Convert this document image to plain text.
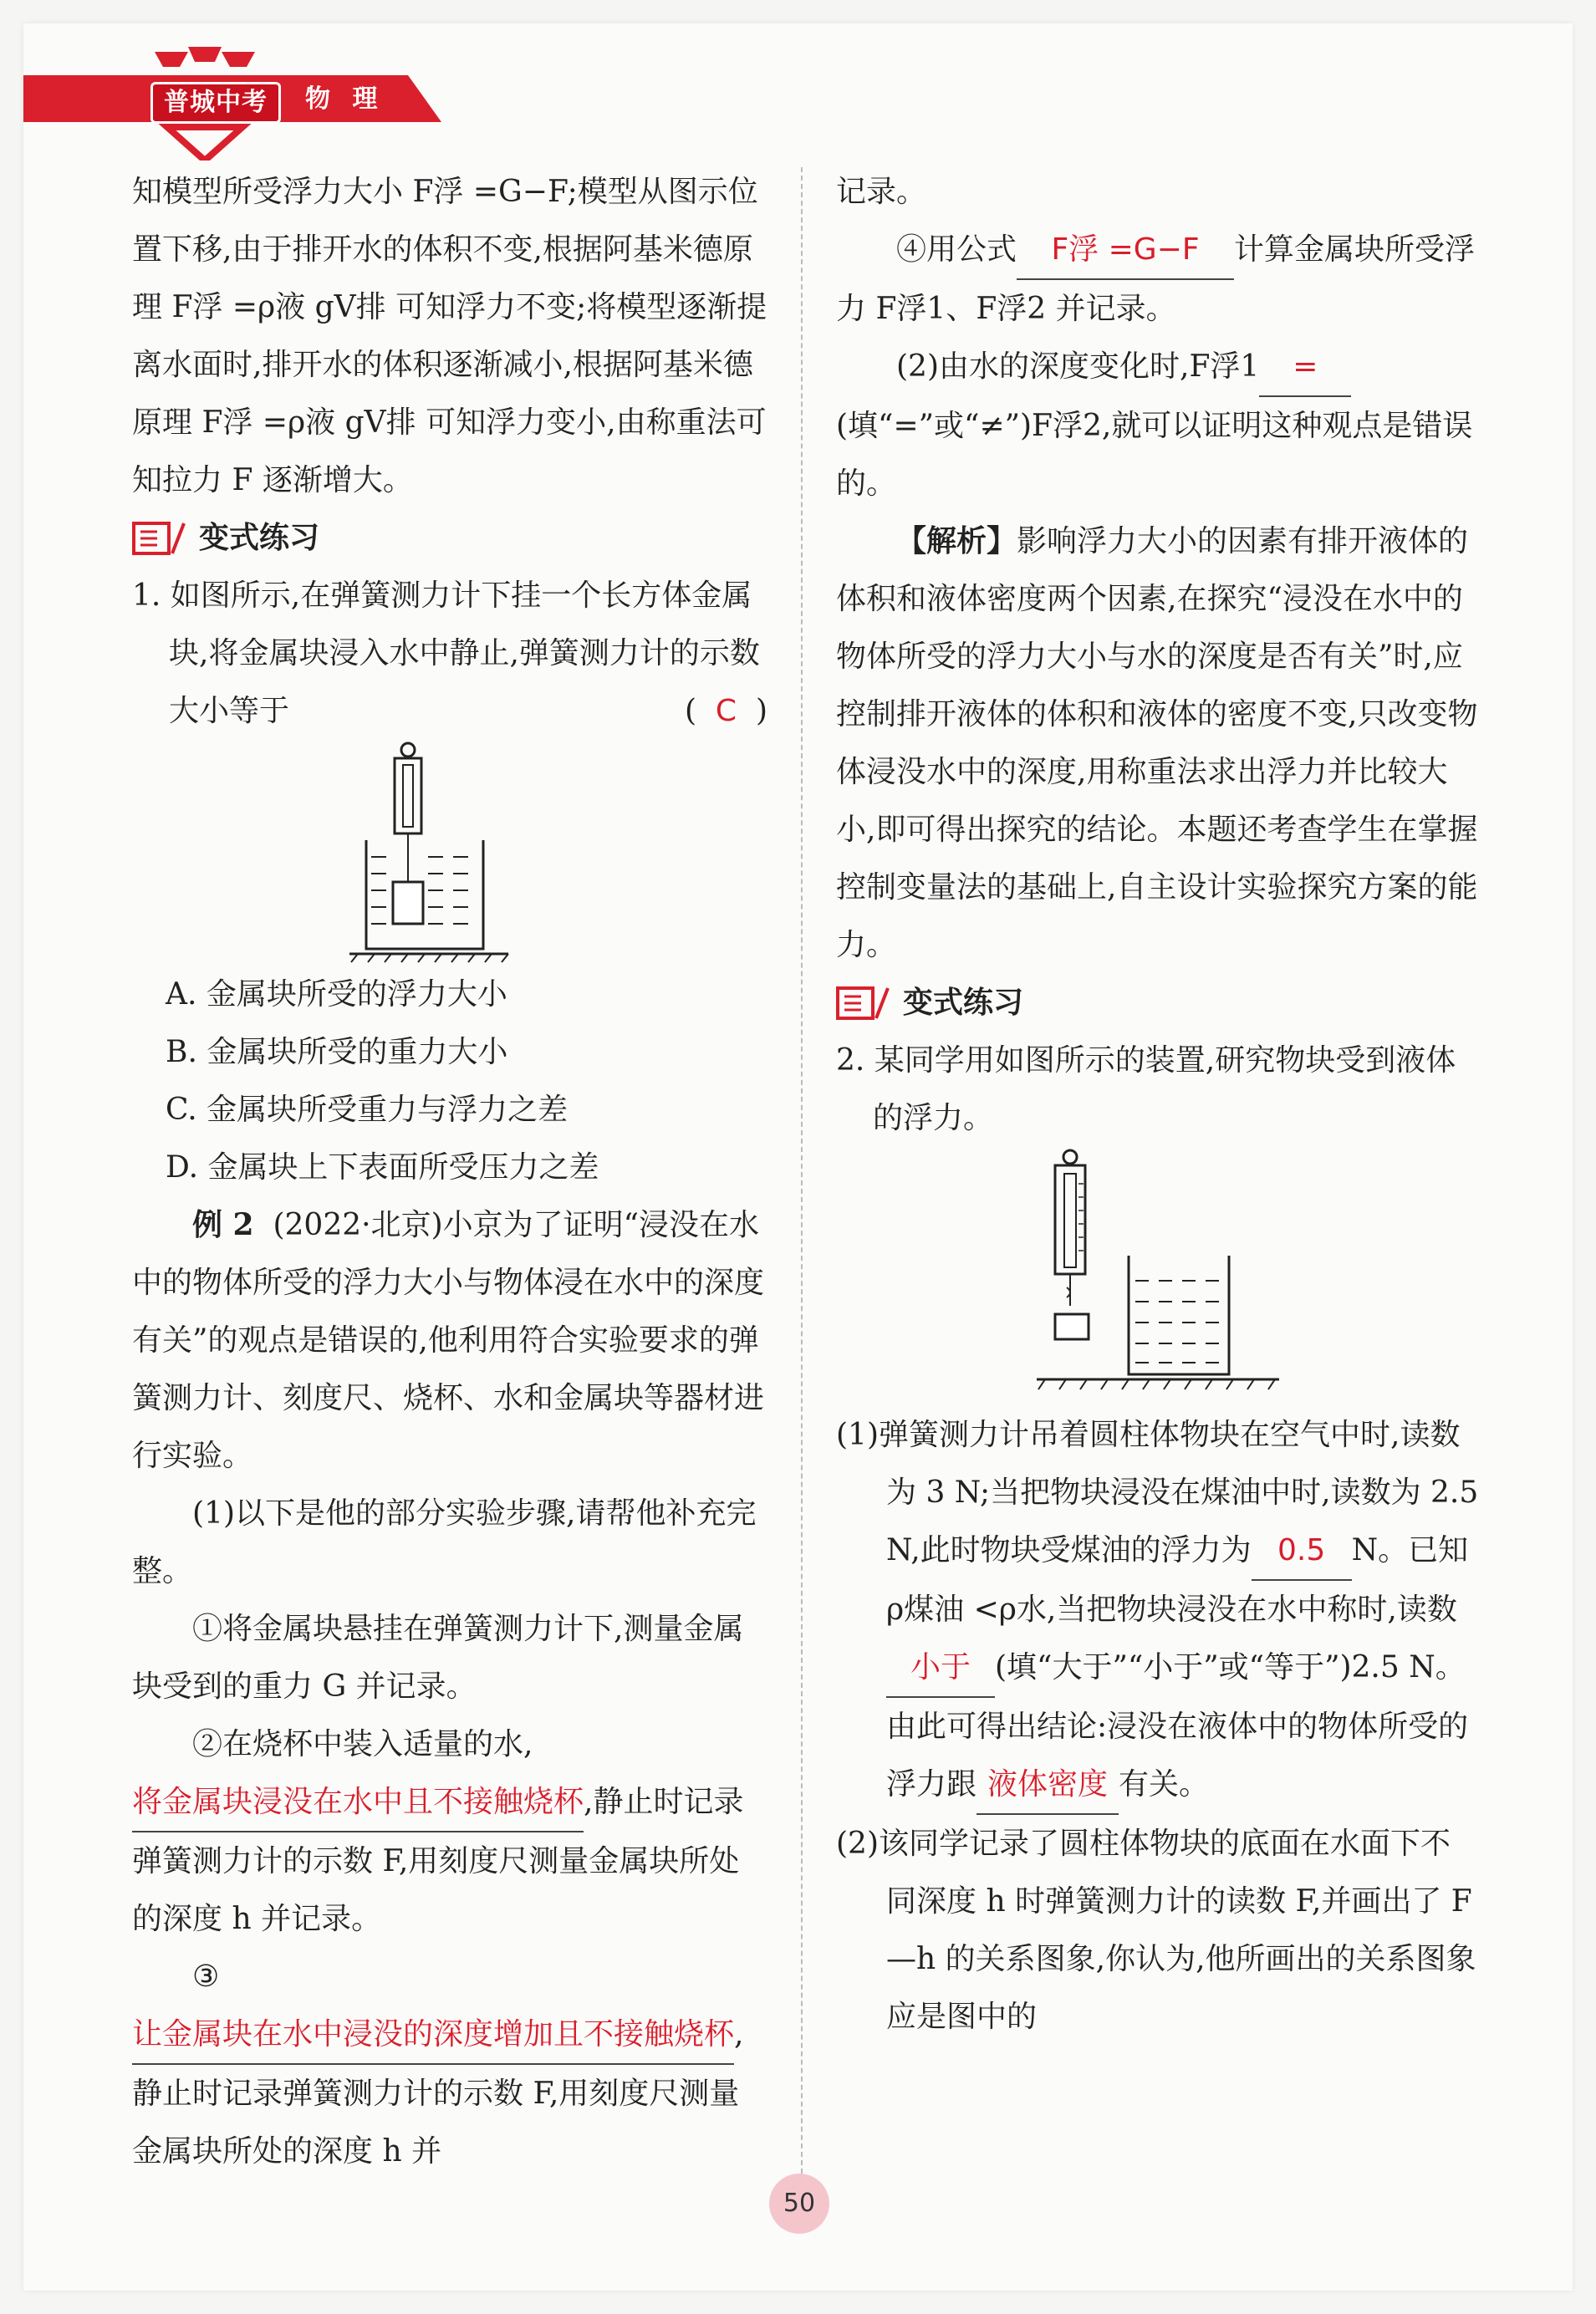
普城中考	物 理

知模型所受浮力大小 F浮 =G−F;模型从图示位置下移,由于排开水的体积不变,根据阿基米德原理 F浮 =ρ液 gV排 可知浮力不变;将模型逐渐提离水面时,排开水的体积逐渐减小,根据阿基米德原理 F浮 =ρ液 gV排 可知浮力变小,由称重法可知拉力 F 逐渐增大。

变式练习

1. 如图所示,在弹簧测力计下挂一个长方体金属块,将金属块浸入水中静止,弹簧测力计的示数大小等于	( C )

A. 金属块所受的浮力大小

B. 金属块所受的重力大小

C. 金属块所受重力与浮力之差

D. 金属块上下表面所受压力之差

例 2 (2022·北京)小京为了证明“浸没在水中的物体所受的浮力大小与物体浸在水中的深度有关”的观点是错误的,他利用符合实验要求的弹簧测力计、刻度尺、烧杯、水和金属块等器材进行实验。

(1)以下是他的部分实验步骤,请帮他补充完整。

①将金属块悬挂在弹簧测力计下,测量金属块受到的重力 G 并记录。

②在烧杯中装入适量的水,将金属块浸没在水中且不接触烧杯,静止时记录弹簧测力计的示数 F,用刻度尺测量金属块所处的深度 h 并记录。

③让金属块在水中浸没的深度增加且不接触烧杯,静止时记录弹簧测力计的示数 F,用刻度尺测量金属块所处的深度 h 并

记录。

④用公式 F浮 =G−F 计算金属块所受浮力 F浮1、F浮2 并记录。

(2)由水的深度变化时,F浮1 =(填“=”或“≠”)F浮2,就可以证明这种观点是错误的。

【解析】影响浮力大小的因素有排开液体的体积和液体密度两个因素,在探究“浸没在水中的物体所受的浮力大小与水的深度是否有关”时,应控制排开液体的体积和液体的密度不变,只改变物体浸没水中的深度,用称重法求出浮力并比较大小,即可得出探究的结论。本题还考查学生在掌握控制变量法的基础上,自主设计实验探究方案的能力。

变式练习

2. 某同学用如图所示的装置,研究物块受到液体的浮力。

(1)弹簧测力计吊着圆柱体物块在空气中时,读数为 3 N;当把物块浸没在煤油中时,读数为 2.5 N,此时物块受煤油的浮力为 0.5 N。已知 ρ煤油 <ρ水,当把物块浸没在水中称时,读数小于 (填“大于”“小于”或“等于”)2.5 N。由此可得出结论:浸没在液体中的物体所受的浮力跟 液体密度 有关。

(2)该同学记录了圆柱体物块的底面在水面下不同深度 h 时弹簧测力计的读数 F,并画出了 F—h 的关系图象,你认为,他所画出的关系图象应是图中的

50
